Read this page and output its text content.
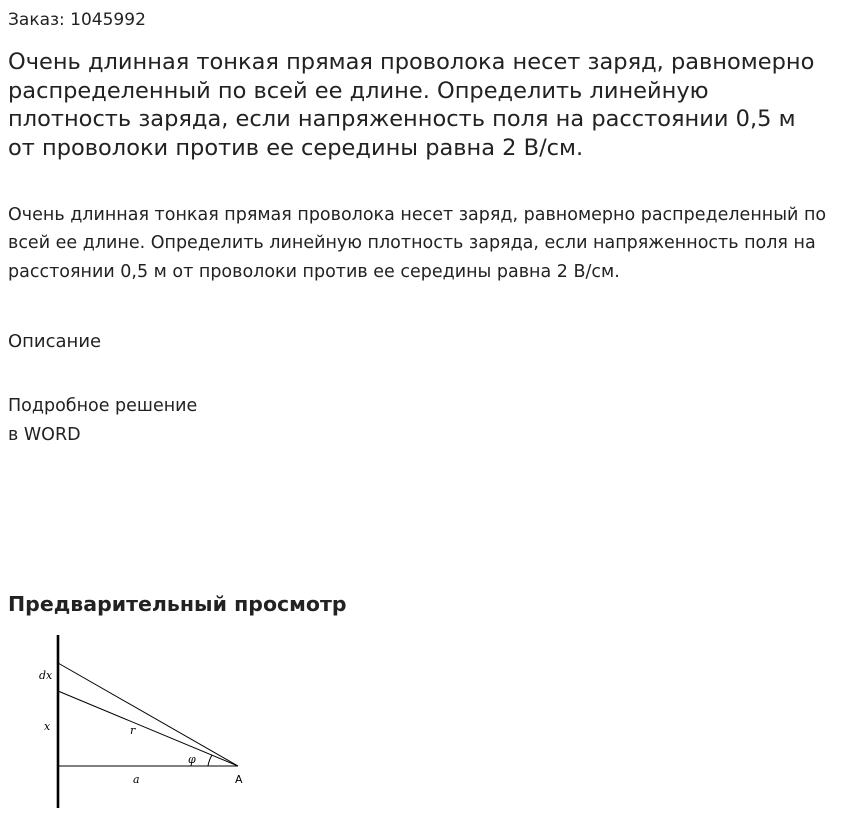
Заказ: 1045992
Очень длинная тонкая прямая проволока несет заряд, равномерно распределенный по всей ее длине. Определить линейную плотность заряда, если напряженность поля на расстоянии 0,5 м от проволоки против ее середины равна 2 В/см.

Очень длинная тонкая прямая проволока несет заряд, равномерно распределенный по всей ее длине. Определить линейную плотность заряда, если напряженность поля на расстоянии 0,5 м от проволоки против ее середины равна 2 В/см.

Описание
Подробное решение
в WORD
Предварительный просмотр
dx
x	r
φ
a	A
